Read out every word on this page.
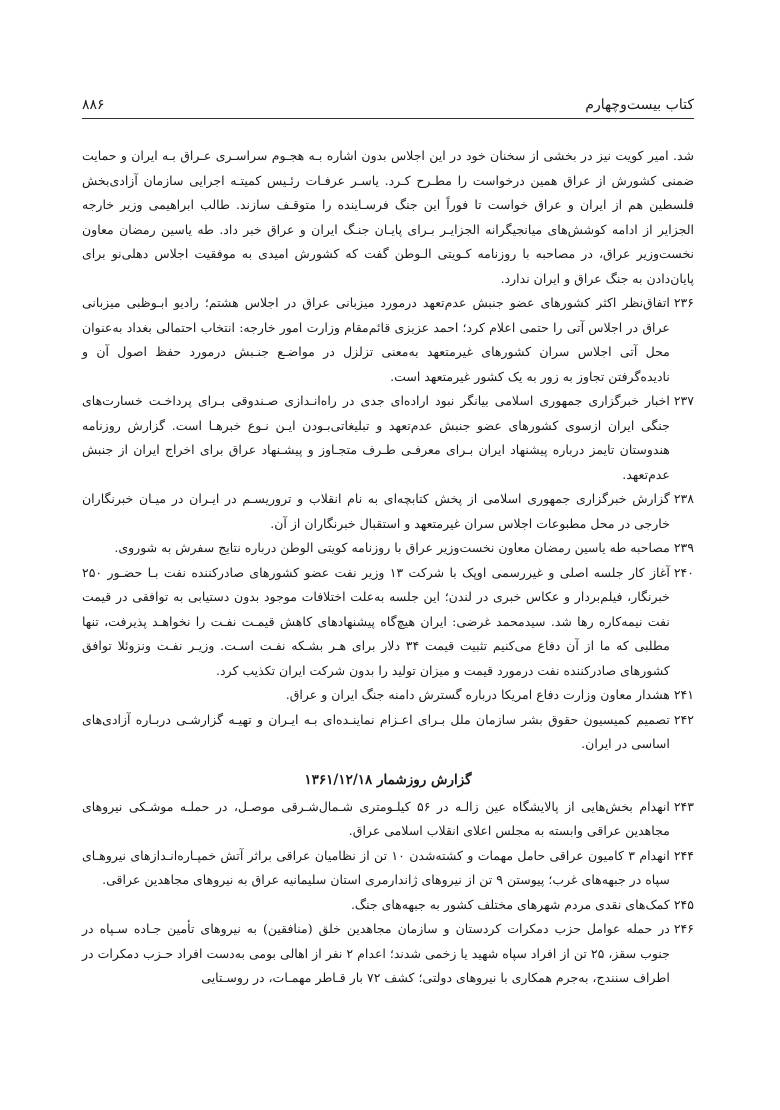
کتاب بیست‌وچهارم
۸۸۶

شد. امیر کویت نیز در بخشی از سخنان خود در این اجلاس بدون اشاره بـه هجـوم سراسـری عـراق بـه ایران و حمایت ضمنی کشورش از عراق همین درخواست را مطـرح کـرد. یاسـر عرفـات رئـیس کمیتـه اجرایی سازمان آزادی‌بخش فلسطین هم از ایران و عراق خواست تا فوراً این جنگ فرسـاینده را متوقـف سازند. طالب ابراهیمی وزیر خارجه الجزایر از ادامه کوشش‌های میانجیگرانه الجزایـر بـرای پایـان جنـگ ایران و عراق خبر داد. طه یاسین رمضان معاون نخست‌وزیر عراق، در مصاحبه با روزنامه کـویتی الـوطن گفت که کشورش امیدی به موفقیت اجلاس دهلی‌نو برای پایان‌دادن به جنگ عراق و ایران ندارد.

۲۳۶
اتفاق‌نظر اکثر کشورهای عضو جنبش عدم‌تعهد درمورد میزبانی عراق در اجلاس هشتم؛ رادیو ابـوظبی میزبانی عراق در اجلاس آتی را حتمی اعلام کرد؛ احمد عزیزی قائم‌مقام وزارت امور خارجه: انتخاب احتمالی بغداد به‌عنوان محل آتی اجلاس سران کشورهای غیرمتعهد به‌معنی تزلزل در مواضـع جنـبش درمورد حفظ اصول آن و نادیده‌گرفتن تجاوز به زور به یک کشور غیرمتعهد است.
۲۳۷
اخبار خبرگزاری جمهوری اسلامی بیانگر نبود اراده‌ای جدی در راه‌انـدازی صـندوقی بـرای پرداخـت خسارت‌های جنگی ایران ازسوی کشورهای عضو جنبش عدم‌تعهد و تبلیغاتی‌بـودن ایـن نـوع خبرهـا است. گزارش روزنامه هندوستان تایمز درباره پیشنهاد ایران بـرای معرفـی طـرف متجـاوز و پیشـنهاد عراق برای اخراج ایران از جنبش عدم‌تعهد.
۲۳۸
گزارش خبرگزاری جمهوری اسلامی از پخش کتابچه‌ای به نام انقلاب و تروریسـم در ایـران در میـان خبرنگاران خارجی در محل مطبوعات اجلاس سران غیرمتعهد و استقبال خبرنگاران از آن.
۲۳۹
مصاحبه طه یاسین رمضان معاون نخست‌وزیر عراق با روزنامه کویتی الوطن درباره نتایج سفرش به شوروی.
۲۴۰
آغاز کار جلسه اصلی و غیررسمی اوپک با شرکت ۱۳ وزیر نفت عضو کشورهای صادرکننده نفت بـا حضـور ۲۵۰ خبرنگار، فیلم‌بردار و عکاس خبری در لندن؛ این جلسه به‌علت اختلافات موجود بدون دستیابی به توافقی در قیمت نفت نیمه‌کاره رها شد. سیدمحمد غرضی: ایران هیچ‌گاه پیشنهادهای کاهش قیمـت نفـت را نخواهـد پذیرفت، تنها مطلبی که ما از آن دفاع می‌کنیم تثبیت قیمت ۳۴ دلار برای هـر بشـکه نفـت اسـت. وزیـر نفـت ونزوئلا توافق کشورهای صادرکننده نفت درمورد قیمت و میزان تولید را بدون شرکت ایران تکذیب کرد.
۲۴۱
هشدار معاون وزارت دفاع امریکا درباره گسترش دامنه جنگ ایران و عراق.
۲۴۲
تصمیم کمیسیون حقوق بشر سازمان ملل بـرای اعـزام نماینـده‌ای بـه ایـران و تهیـه گزارشـی دربـاره آزادی‌های اساسی در ایران.
گزارش روزشمار ۱۳۶۱/۱۲/۱۸
۲۴۳
انهدام بخش‌هایی از پالایشگاه عین زالـه در ۵۶ کیلـومتری شـمال‌شـرقی موصـل، در حملـه موشـکی نیروهای مجاهدین عراقی وابسته به مجلس اعلای انقلاب اسلامی عراق.
۲۴۴
انهدام ۳ کامیون عراقی حامل مهمات و کشته‌شدن ۱۰ تن از نظامیان عراقی براثر آتش خمپـاره‌انـدازهای نیروهـای سپاه در جبهه‌های غرب؛ پیوستن ۹ تن از نیروهای ژاندارمری استان سلیمانیه عراق به نیروهای مجاهدین عراقی.
۲۴۵
کمک‌های نقدی مردم شهرهای مختلف کشور به جبهه‌های جنگ.
۲۴۶
در حمله عوامل حزب دمکرات کردستان و سازمان مجاهدین خلق (منافقین) به نیروهای تأمین جـاده سـپاه در جنوب سقز، ۲۵ تن از افراد سپاه شهید یا زخمی شدند؛ اعدام ۲ نفر از اهالی بومی به‌دست افراد حـزب دمکرات در اطراف سنندج، به‌جرم همکاری با نیروهای دولتی؛ کشف ۷۲ بار قـاطر مهمـات، در روسـتایی
